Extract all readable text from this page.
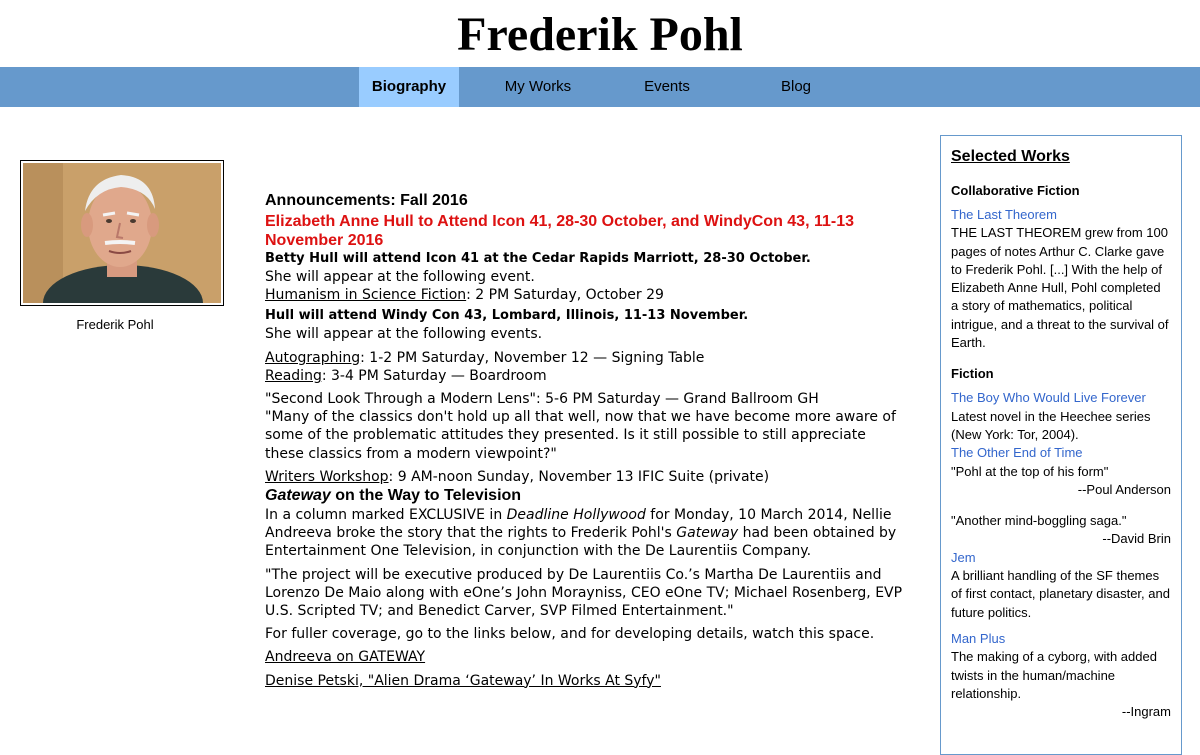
Frederik Pohl
Biography	My Works	Events	Blog
Frederik Pohl

Announcements: Fall 2016

Elizabeth Anne Hull to Attend Icon 41, 28-30 October, and WindyCon 43, 11-13 November 2016

Betty Hull will attend Icon 41 at the Cedar Rapids Marriott, 28-30 October.

She will appear at the following event.

Humanism in Science Fiction: 2 PM Saturday, October 29

Hull will attend Windy Con 43, Lombard, Illinois, 11-13 November.

She will appear at the following events.

Autographing: 1-2 PM Saturday, November 12 — Signing Table

Reading: 3-4 PM Saturday — Boardroom

"Second Look Through a Modern Lens": 5-6 PM Saturday — Grand Ballroom GH

"Many of the classics don't hold up all that well, now that we have become more aware of some of the problematic attitudes they presented. Is it still possible to still appreciate these classics from a modern viewpoint?"

Writers Workshop: 9 AM-noon Sunday, November 13 IFIC Suite (private)

Gateway on the Way to Television

In a column marked EXCLUSIVE in Deadline Hollywood for Monday, 10 March 2014, Nellie Andreeva broke the story that the rights to Frederik Pohl's Gateway had been obtained by Entertainment One Television, in conjunction with the De Laurentiis Company.

"The project will be executive produced by De Laurentiis Co.’s Martha De Laurentiis and Lorenzo De Maio along with eOne’s John Morayniss, CEO eOne TV; Michael Rosenberg, EVP U.S. Scripted TV; and Benedict Carver, SVP Filmed Entertainment."

For fuller coverage, go to the links below, and for developing details, watch this space.

Andreeva on GATEWAY

Denise Petski, "Alien Drama ‘Gateway’ In Works At Syfy"

Selected Works
Collaborative Fiction
The Last Theorem
THE LAST THEOREM grew from 100 pages of notes Arthur C. Clarke gave to Frederik Pohl. [...] With the help of Elizabeth Anne Hull, Pohl completed a story of mathematics, political intrigue, and a threat to the survival of Earth.
Fiction
The Boy Who Would Live Forever
Latest novel in the Heechee series (New York: Tor, 2004).
The Other End of Time
"Pohl at the top of his form"
--Poul Anderson
"Another mind-boggling saga."
--David Brin
Jem
A brilliant handling of the SF themes of first contact, planetary disaster, and future politics.
Man Plus
The making of a cyborg, with added twists in the human/machine relationship.
--Ingram
